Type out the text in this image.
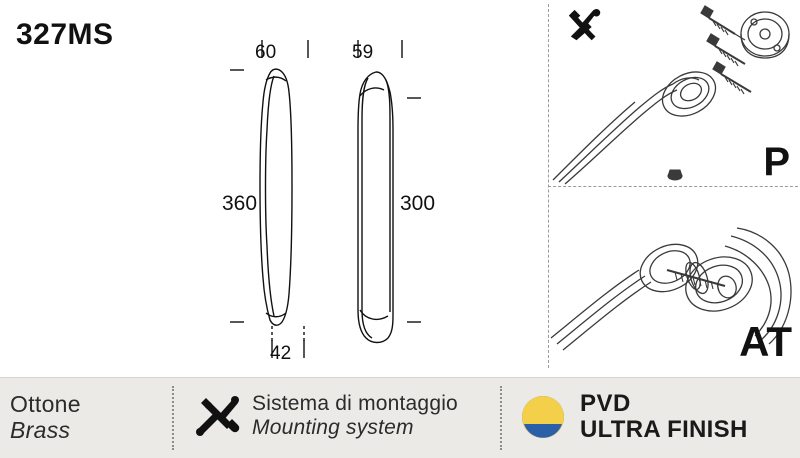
327MS
60	59
360	300
42
P
AT
Ottone
Brass
Sistema di montaggio
Mounting system
PVD
ULTRA FINISH
